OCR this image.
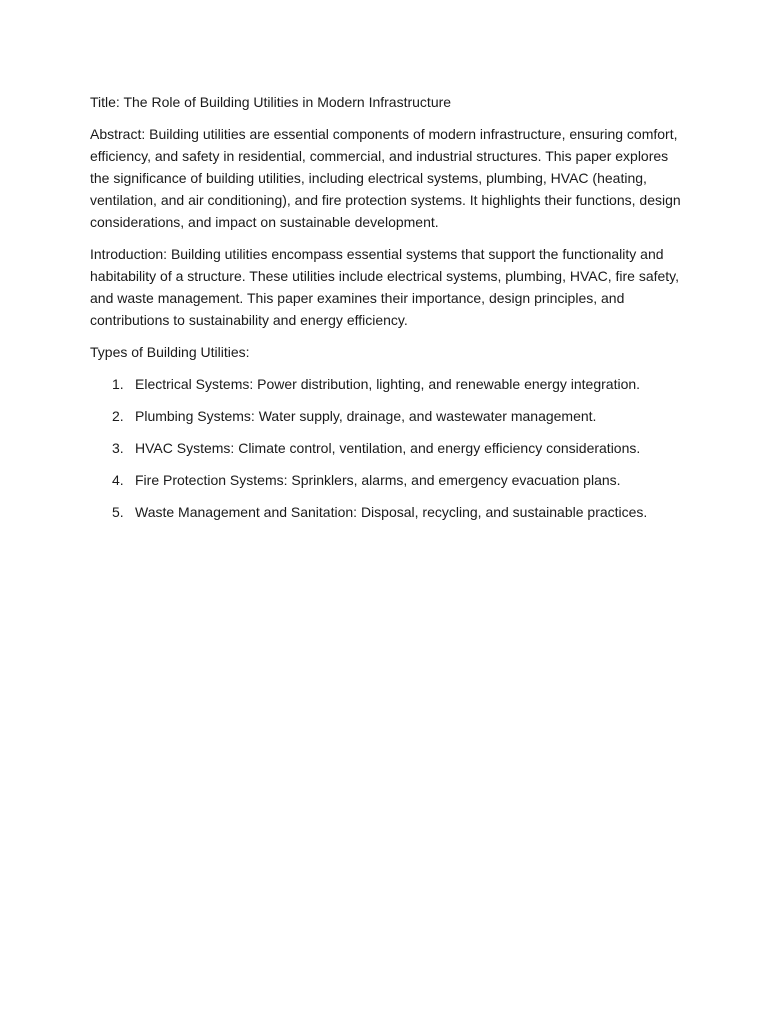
Title: The Role of Building Utilities in Modern Infrastructure

Abstract: Building utilities are essential components of modern infrastructure, ensuring comfort, efficiency, and safety in residential, commercial, and industrial structures. This paper explores the significance of building utilities, including electrical systems, plumbing, HVAC (heating, ventilation, and air conditioning), and fire protection systems. It highlights their functions, design considerations, and impact on sustainable development.

Introduction: Building utilities encompass essential systems that support the functionality and habitability of a structure. These utilities include electrical systems, plumbing, HVAC, fire safety, and waste management. This paper examines their importance, design principles, and contributions to sustainability and energy efficiency.

Types of Building Utilities:

1. Electrical Systems: Power distribution, lighting, and renewable energy integration.
2. Plumbing Systems: Water supply, drainage, and wastewater management.
3. HVAC Systems: Climate control, ventilation, and energy efficiency considerations.
4. Fire Protection Systems: Sprinklers, alarms, and emergency evacuation plans.
5. Waste Management and Sanitation: Disposal, recycling, and sustainable practices.
